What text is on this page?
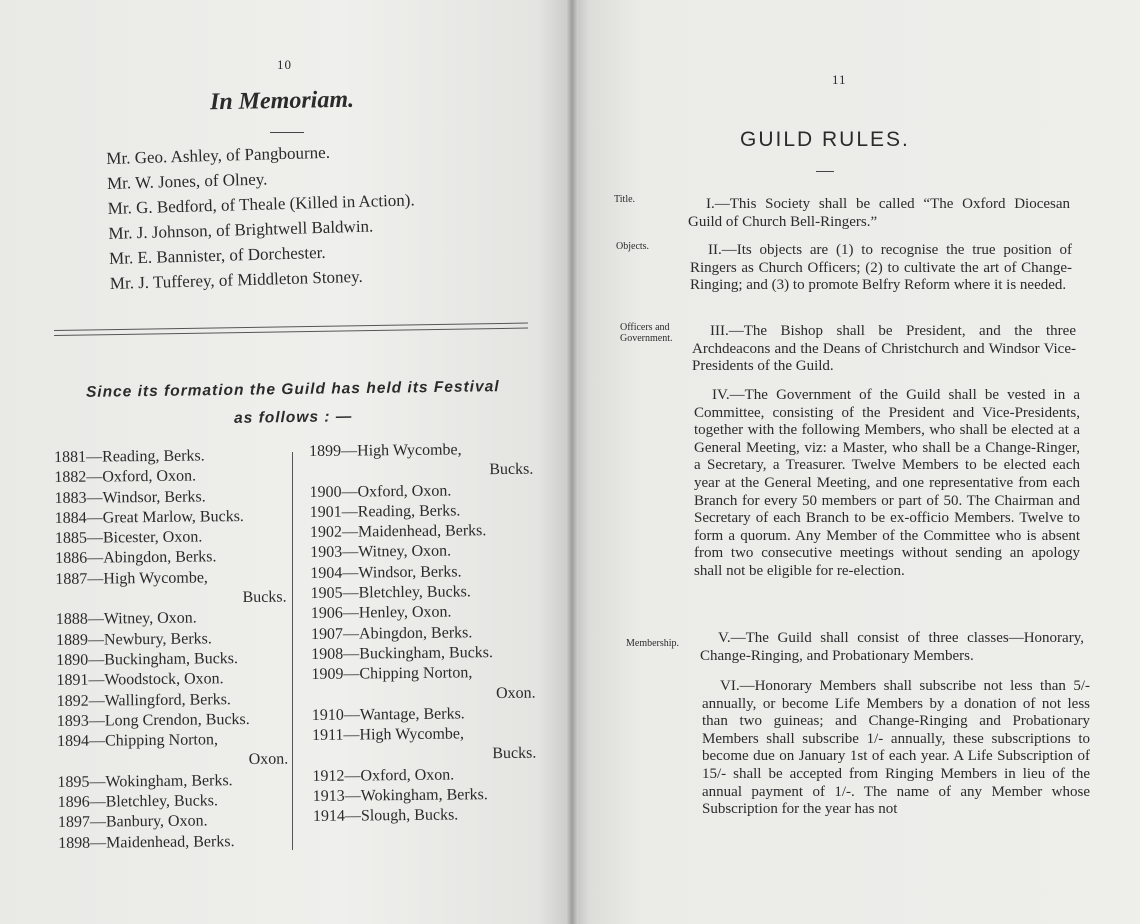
10
In Memoriam.
Mr. Geo. Ashley, of Pangbourne.
Mr. W. Jones, of Olney.
Mr. G. Bedford, of Theale (Killed in Action).
Mr. J. Johnson, of Brightwell Baldwin.
Mr. E. Bannister, of Dorchester.
Mr. J. Tufferey, of Middleton Stoney.
Since its formation the Guild has held its Festival
as follows : —
1881—Reading, Berks.
1882—Oxford, Oxon.
1883—Windsor, Berks.
1884—Great Marlow, Bucks.
1885—Bicester, Oxon.
1886—Abingdon, Berks.
1887—High Wycombe,
Bucks.
1888—Witney, Oxon.
1889—Newbury, Berks.
1890—Buckingham, Bucks.
1891—Woodstock, Oxon.
1892—Wallingford, Berks.
1893—Long Crendon, Bucks.
1894—Chipping Norton,
Oxon.
1895—Wokingham, Berks.
1896—Bletchley, Bucks.
1897—Banbury, Oxon.
1898—Maidenhead, Berks.
1899—High Wycombe,
Bucks.
1900—Oxford, Oxon.
1901—Reading, Berks.
1902—Maidenhead, Berks.
1903—Witney, Oxon.
1904—Windsor, Berks.
1905—Bletchley, Bucks.
1906—Henley, Oxon.
1907—Abingdon, Berks.
1908—Buckingham, Bucks.
1909—Chipping Norton,
Oxon.
1910—Wantage, Berks.
1911—High Wycombe,
Bucks.
1912—Oxford, Oxon.
1913—Wokingham, Berks.
1914—Slough, Bucks.
11
GUILD RULES.
Title.	I.—This Society shall be called “The Oxford Diocesan Guild of Church Bell-Ringers.”
Objects.	II.—Its objects are (1) to recognise the true position of Ringers as Church Officers; (2) to cultivate the art of Change-Ringing; and (3) to promote Belfry Reform where it is needed.
Officers and
Government.	III.—The Bishop shall be President, and the three Archdeacons and the Deans of Christchurch and Windsor Vice-Presidents of the Guild.
IV.—The Government of the Guild shall be vested in a Committee, consisting of the President and Vice-Presidents, together with the following Members, who shall be elected at a General Meeting, viz: a Master, who shall be a Change-Ringer, a Secretary, a Treasurer. Twelve Members to be elected each year at the General Meeting, and one representative from each Branch for every 50 members or part of 50. The Chairman and Secretary of each Branch to be ex-officio Members. Twelve to form a quorum. Any Member of the Committee who is absent from two consecutive meetings without sending an apology shall not be eligible for re-election.
Membership.	V.—The Guild shall consist of three classes—Honorary, Change-Ringing, and Probationary Members.
VI.—Honorary Members shall subscribe not less than 5/- annually, or become Life Members by a donation of not less than two guineas; and Change-Ringing and Probationary Members shall subscribe 1/- annually, these subscriptions to become due on January 1st of each year. A Life Subscription of 15/- shall be accepted from Ringing Members in lieu of the annual payment of 1/-. The name of any Member whose Subscription for the year has not
